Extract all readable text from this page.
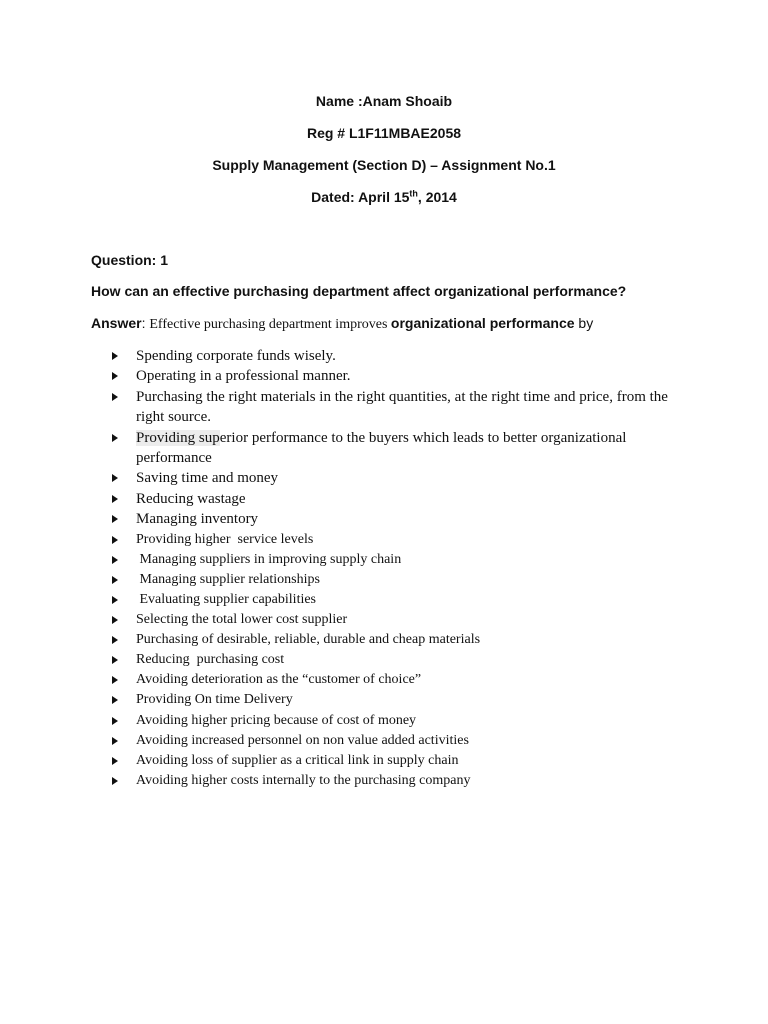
Name :Anam Shoaib
Reg # L1F11MBAE2058
Supply Management (Section D) – Assignment No.1
Dated: April 15th, 2014
Question: 1
How can an effective purchasing department affect organizational performance?
Answer: Effective purchasing department improves organizational performance by
Spending corporate funds wisely.
Operating in a professional manner.
Purchasing the right materials in the right quantities, at the right time and price, from the right source.
Providing superior performance to the buyers which leads to better organizational performance
Saving time and money
Reducing wastage
Managing inventory
Providing higher  service levels
Managing suppliers in improving supply chain
Managing supplier relationships
Evaluating supplier capabilities
Selecting the total lower cost supplier
Purchasing of desirable, reliable, durable and cheap materials
Reducing  purchasing cost
Avoiding deterioration as the “customer of choice”
Providing On time Delivery
Avoiding higher pricing because of cost of money
Avoiding increased personnel on non value added activities
Avoiding loss of supplier as a critical link in supply chain
Avoiding higher costs internally to the purchasing company
